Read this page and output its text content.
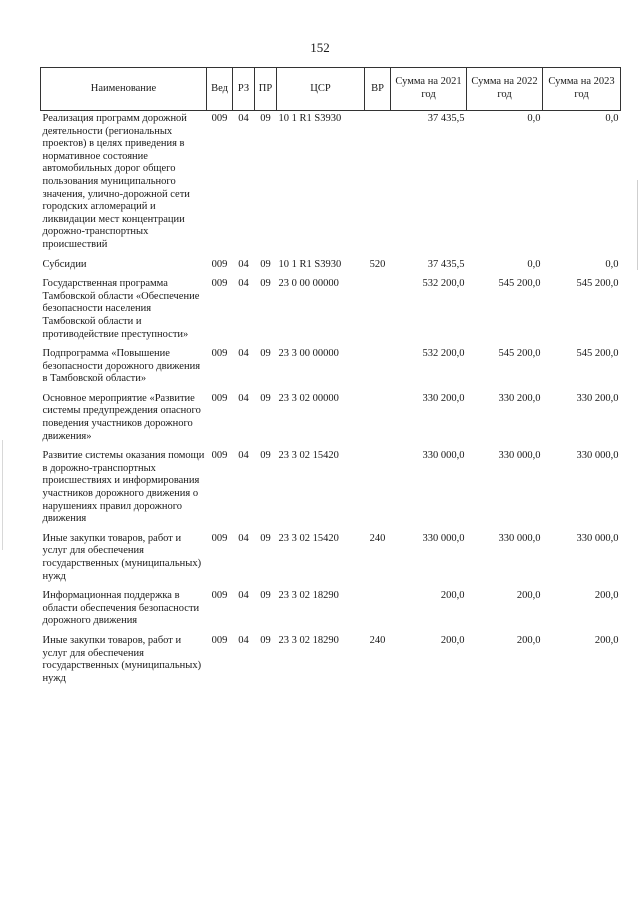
152
Наименование	Вед	РЗ	ПР	ЦСР	ВР	Сумма на 2021 год	Сумма на 2022 год	Сумма на 2023 год
Реализация программ дорожной деятельности (региональных проектов) в целях приведения в нормативное состояние автомобильных дорог общего пользования муниципального значения, улично-дорожной сети городских агломераций и ликвидации мест концентрации дорожно-транспортных происшествий	009	04	09	10 1 R1 S3930		37 435,5	0,0	0,0
Субсидии	009	04	09	10 1 R1 S3930	520	37 435,5	0,0	0,0
Государственная программа Тамбовской области «Обеспечение безопасности населения Тамбовской области и противодействие преступности»	009	04	09	23 0 00 00000		532 200,0	545 200,0	545 200,0
Подпрограмма «Повышение безопасности дорожного движения в Тамбовской области»	009	04	09	23 3 00 00000		532 200,0	545 200,0	545 200,0
Основное мероприятие «Развитие системы предупреждения опасного поведения участников дорожного движения»	009	04	09	23 3 02 00000		330 200,0	330 200,0	330 200,0
Развитие системы оказания помощи в дорожно-транспортных происшествиях и информирования участников дорожного движения о нарушениях правил дорожного движения	009	04	09	23 3 02 15420		330 000,0	330 000,0	330 000,0
Иные закупки товаров, работ и услуг для обеспечения государственных (муниципальных) нужд	009	04	09	23 3 02 15420	240	330 000,0	330 000,0	330 000,0
Информационная поддержка в области обеспечения безопасности дорожного движения	009	04	09	23 3 02 18290		200,0	200,0	200,0
Иные закупки товаров, работ и услуг для обеспечения государственных (муниципальных) нужд	009	04	09	23 3 02 18290	240	200,0	200,0	200,0
